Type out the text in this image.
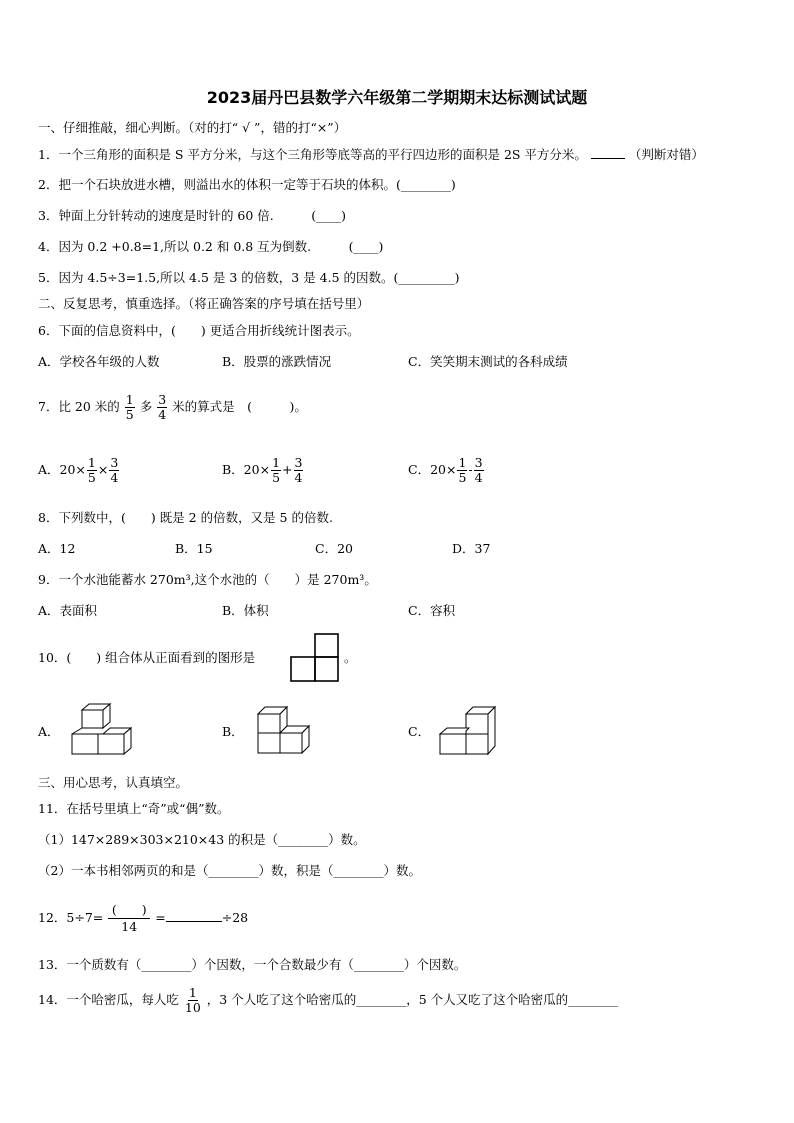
2023届丹巴县数学六年级第二学期期末达标测试试题
一、仔细推敲，细心判断。（对的打“ √ ”，错的打“×”）
1．一个三角形的面积是 S 平方分米，与这个三角形等底等高的平行四边形的面积是 2S 平方分米。	（判断对错）
2．把一个石块放进水槽，则溢出水的体积一定等于石块的体积。(________)
3．钟面上分针转动的速度是时针的 60 倍.　　　(____)
4．因为 0.2 +0.8=1,所以 0.2 和 0.8 互为倒数.　　　(____)
5．因为 4.5÷3=1.5,所以 4.5 是 3 的倍数，3 是 4.5 的因数。(_________)
二、反复思考，慎重选择。（将正确答案的序号填在括号里）
6．下面的信息资料中，(　　) 更适合用折线统计图表示。
A．学校各年级的人数	B．股票的涨跌情况	C．笑笑期末测试的各科成绩
7．比 20 米的 $\frac{1}{5}$ 多 $\frac{3}{4}$ 米的算式是　(　　　)。
A．$20\times \frac{1}{5} \times \frac{3}{4}$	B．$20\times \frac{1}{5} + \frac{3}{4}$	C．$20\times \frac{1}{5} - \frac{3}{4}$
8．下列数中，(　　) 既是 2 的倍数，又是 5 的倍数.
A．12	B．15	C．20	D．37
9．一个水池能蓄水 270m³,这个水池的（　　）是 270m³。
A．表面积	B．体积	C．容积
10．(　　) 组合体从正面看到的图形是	。
A．	B．	C．
三、用心思考，认真填空。
11．在括号里填上“奇”或“偶”数。
（1）147×289×303×210×43 的积是（________）数。
（2）一本书相邻两页的和是（________）数，积是（________）数。
12．$5\div 7= \frac{( )}{14}$ =	÷28
13．一个质数有（________）个因数，一个合数最少有（________）个因数。
14．一个哈密瓜，每人吃 $\frac{1}{10}$ ，3 个人吃了这个哈密瓜的________，5 个人又吃了这个哈密瓜的________
